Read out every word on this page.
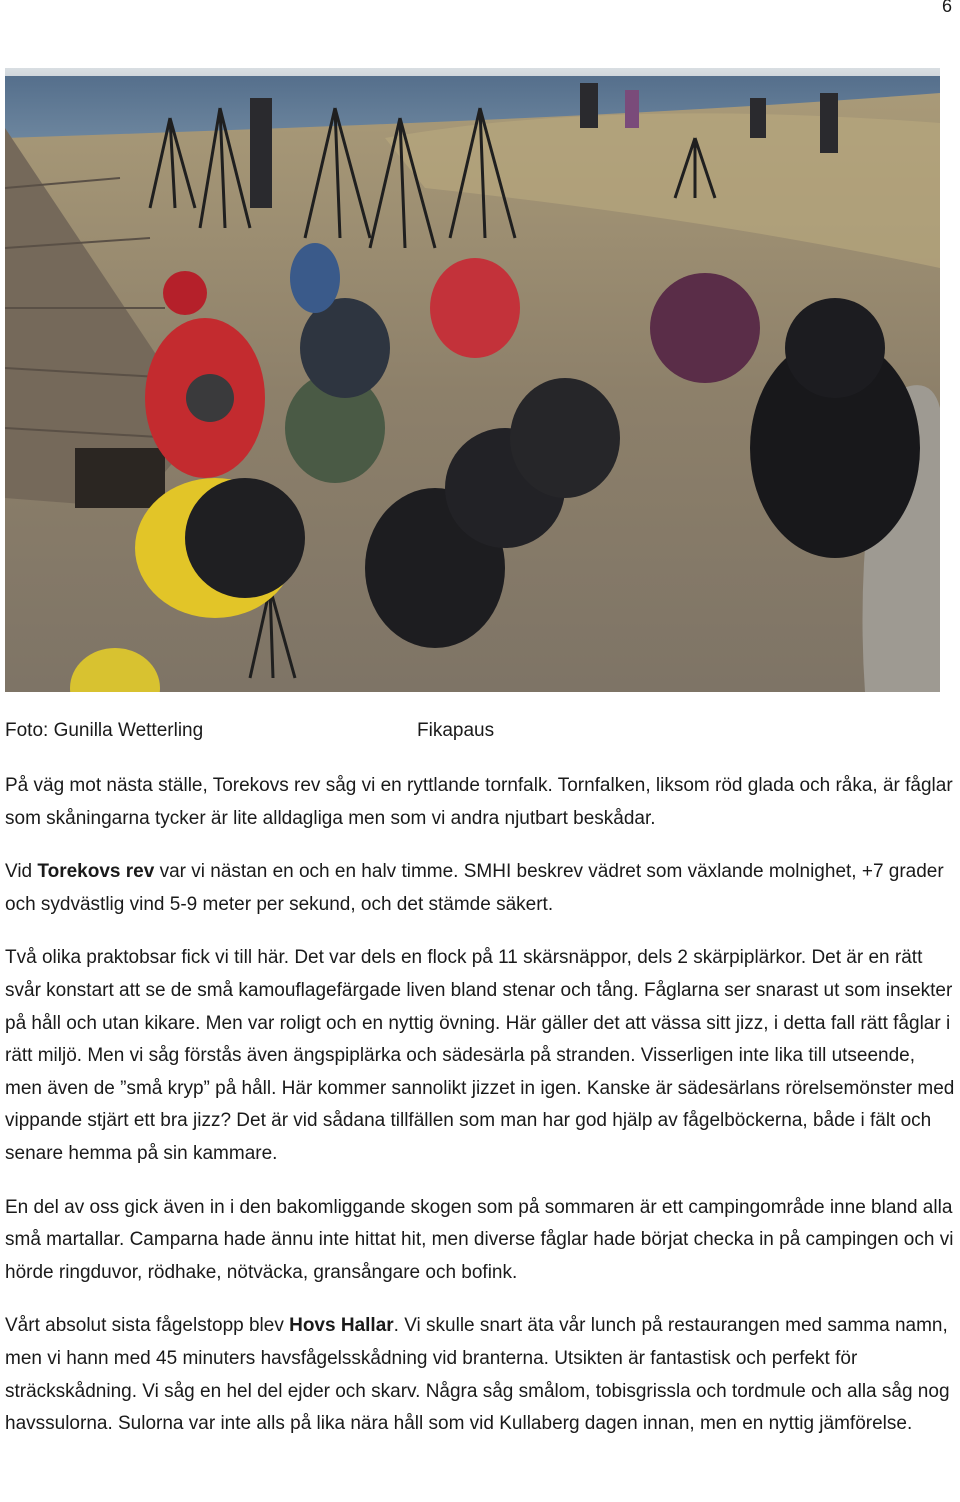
6
Foto: Gunilla Wetterling	Fikapaus

På väg mot nästa ställe, Torekovs rev såg vi en ryttlande tornfalk. Tornfalken, liksom röd glada och råka, är fåglar som skåningarna tycker är lite alldagliga men som vi andra njutbart beskådar.

Vid Torekovs rev var vi nästan en och en halv timme. SMHI beskrev vädret som växlande molnighet, +7 grader och sydvästlig vind 5-9 meter per sekund, och det stämde säkert.

Två olika praktobsar fick vi till här. Det var dels en flock på 11 skärsnäppor, dels 2 skärpiplärkor. Det är en rätt svår konstart att se de små kamouflagefärgade liven bland stenar och tång. Fåglarna ser snarast ut som insekter på håll och utan kikare. Men var roligt och en nyttig övning. Här gäller det att vässa sitt jizz, i detta fall rätt fåglar i rätt miljö. Men vi såg förstås även ängspiplärka och sädesärla på stranden. Visserligen inte lika till utseende, men även de ”små kryp” på håll. Här kommer sannolikt jizzet in igen. Kanske är sädesärlans rörelsemönster med vippande stjärt ett bra jizz? Det är vid sådana tillfällen som man har god hjälp av fågelböckerna, både i fält och senare hemma på sin kammare.

En del av oss gick även in i den bakomliggande skogen som på sommaren är ett campingområde inne bland alla små martallar. Camparna hade ännu inte hittat hit, men diverse fåglar hade börjat checka in på campingen och vi hörde ringduvor, rödhake, nötväcka, gransångare och bofink.

Vårt absolut sista fågelstopp blev Hovs Hallar. Vi skulle snart äta vår lunch på restaurangen med samma namn, men vi hann med 45 minuters havsfågelsskådning vid branterna. Utsikten är fantastisk och perfekt för sträckskådning. Vi såg en hel del ejder och skarv. Några såg smålom, tobisgrissla och tordmule och alla såg nog havssulorna. Sulorna var inte alls på lika nära håll som vid Kullaberg dagen innan, men en nyttig jämförelse.
